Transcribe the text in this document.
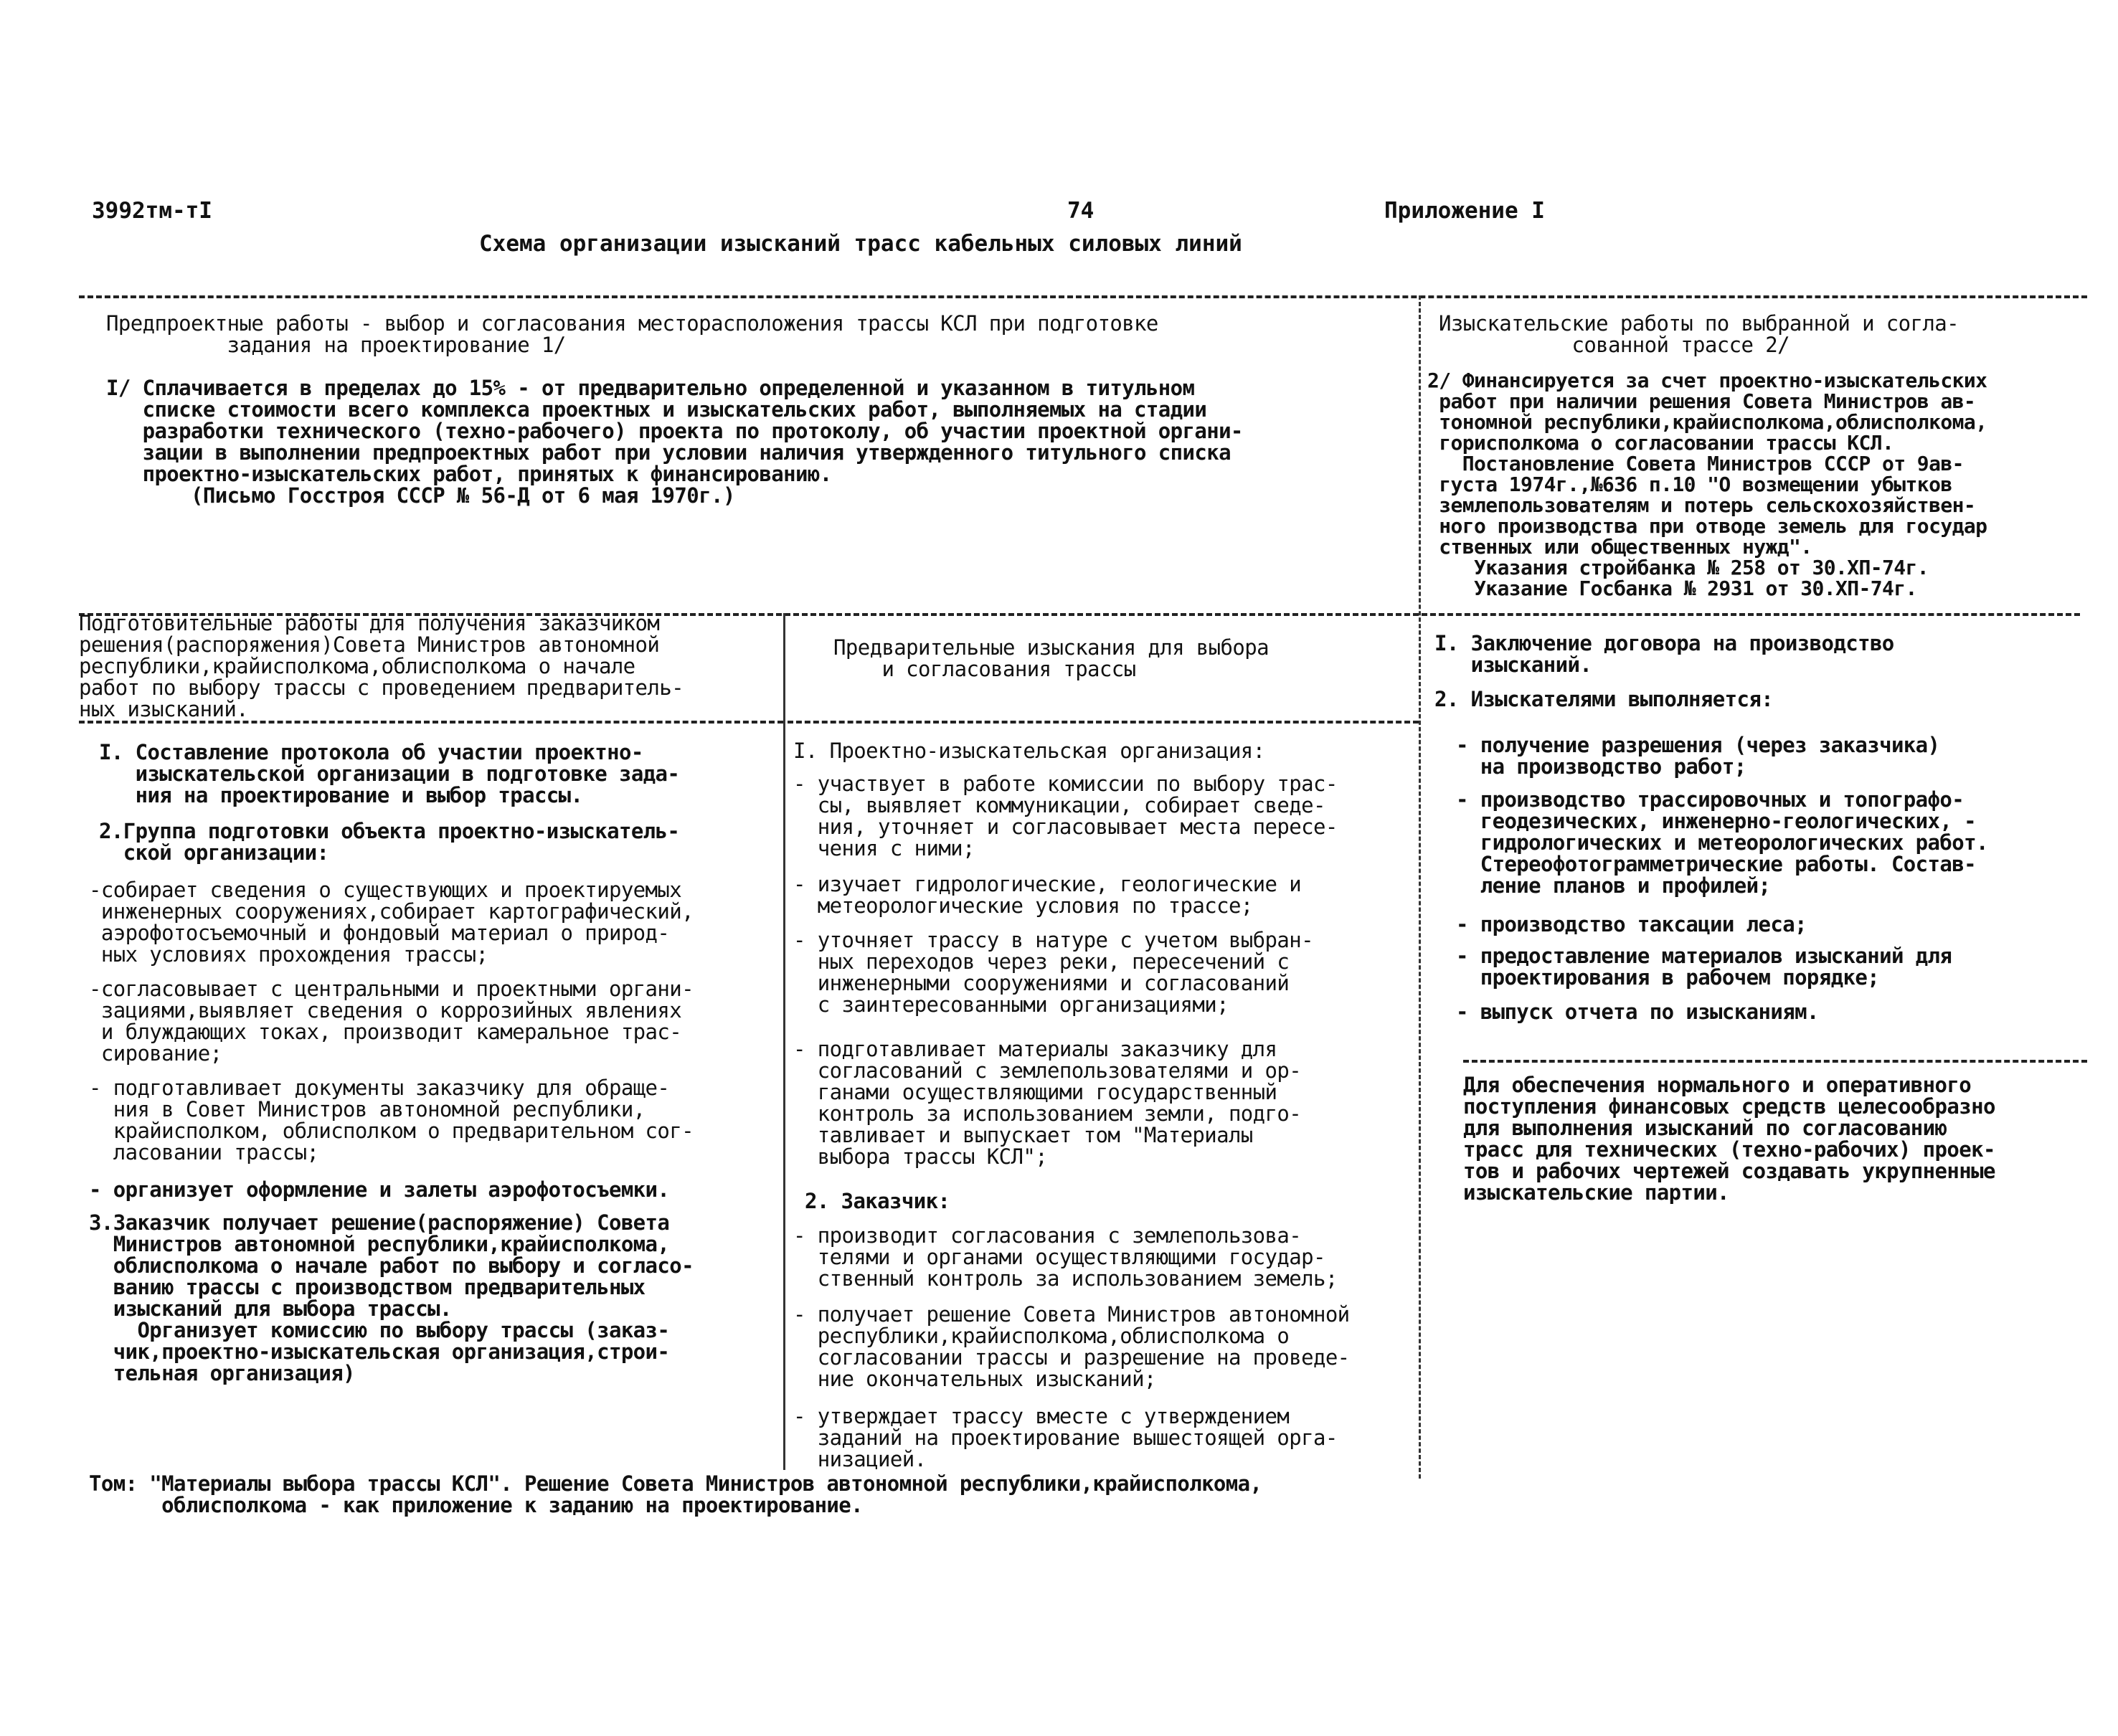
3992тм-тI	74	Приложение I
Схема организации изысканий трасс кабельных силовых линий
Предпроектные работы - выбор и согласования месторасположения трассы КСЛ при подготовке
задания на проектирование 1/
I/ Сплачивается в пределах до 15% - от предварительно определенной и указанном в титульном
списке стоимости всего комплекса проектных и изыскательских работ, выполняемых на стадии
разработки технического (техно-рабочего) проекта по протоколу, об участии проектной органи-
зации в выполнении предпроектных работ при условии наличия утвержденного титульного списка
проектно-изыскательских работ, принятых к финансированию.
(Письмо Госстроя СССР № 56-Д от 6 мая 1970г.)
Изыскательские работы по выбранной и согла-
сованной трассе 2/
2/ Финансируется за счет проектно-изыскательских
работ при наличии решения Совета Министров ав-
тономной республики,крайисполкома,облисполкома,
горисполкома о согласовании трассы КСЛ.
Постановление Совета Министров СССР от 9ав-
густа 1974г.,№636 п.10 "О возмещении убытков
землепользователям и потерь сельскохозяйствен-
ного производства при отводе земель для государ
ственных или общественных нужд".
Указания стройбанка № 258 от 30.ХП-74г.
Указание Госбанка № 2931 от 30.ХП-74г.
Подготовительные работы для получения заказчиком
решения(распоряжения)Совета Министров автономной
республики,крайисполкома,облисполкома о начале
работ по выбору трассы с проведением предваритель-
ных изысканий.
I. Составление протокола об участии проектно-
изыскательской организации в подготовке зада-
ния на проектирование и выбор трассы.
2.Группа подготовки объекта проектно-изыскатель-
ской организации:
-собирает сведения о существующих и проектируемых
инженерных сооружениях,собирает картографический,
аэрофотосъемочный и фондовый материал о природ-
ных условиях прохождения трассы;
-согласовывает с центральными и проектными органи-
зациями,выявляет сведения о коррозийных явлениях
и блуждающих токах, производит камеральное трас-
сирование;
- подготавливает документы заказчику для обраще-
ния в Совет Министров автономной республики,
крайисполком, облисполком о предварительном сог-
ласовании трассы;
- организует оформление и залеты аэрофотосъемки.
3.Заказчик получает решение(распоряжение) Совета
Министров автономной республики,крайисполкома,
облисполкома о начале работ по выбору и согласо-
ванию трассы с производством предварительных
изысканий для выбора трассы.
Организует комиссию по выбору трассы (заказ-
чик,проектно-изыскательская организация,строи-
тельная организация)
Предварительные изыскания для выбора
и согласования трассы
I. Проектно-изыскательская организация:
- участвует в работе комиссии по выбору трас-
сы, выявляет коммуникации, собирает сведе-
ния, уточняет и согласовывает места пересе-
чения с ними;
- изучает гидрологические, геологические и
метеорологические условия по трассе;
- уточняет трассу в натуре с учетом выбран-
ных переходов через реки, пересечений с
инженерными сооружениями и согласований
с заинтересованными организациями;
- подготавливает материалы заказчику для
согласований с землепользователями и ор-
ганами осуществляющими государственный
контроль за использованием земли, подго-
тавливает и выпускает том "Материалы
выбора трассы КСЛ";
2. Заказчик:
- производит согласования с землепользова-
телями и органами осуществляющими государ-
ственный контроль за использованием земель;
- получает решение Совета Министров автономной
республики,крайисполкома,облисполкома о
согласовании трассы и разрешение на проведе-
ние окончательных изысканий;
- утверждает трассу вместе с утверждением
заданий на проектирование вышестоящей орга-
низацией.
I. Заключение договора на производство
изысканий.
2. Изыскателями выполняется:
- получение разрешения (через заказчика)
на производство работ;
- производство трассировочных и топографо-
геодезических, инженерно-геологических, -
гидрологических и метеорологических работ.
Стереофотограмметрические работы. Состав-
ление планов и профилей;
- производство таксации леса;
- предоставление материалов изысканий для
проектирования в рабочем порядке;
- выпуск отчета по изысканиям.
Для обеспечения нормального и оперативного
поступления финансовых средств целесообразно
для выполнения изысканий по согласованию
трасс для технических (техно-рабочих) проек-
тов и рабочих чертежей создавать укрупненные
изыскательские партии.
Том: "Материалы выбора трассы КСЛ". Решение Совета Министров автономной республики,крайисполкома,
облисполкома - как приложение к заданию на проектирование.
